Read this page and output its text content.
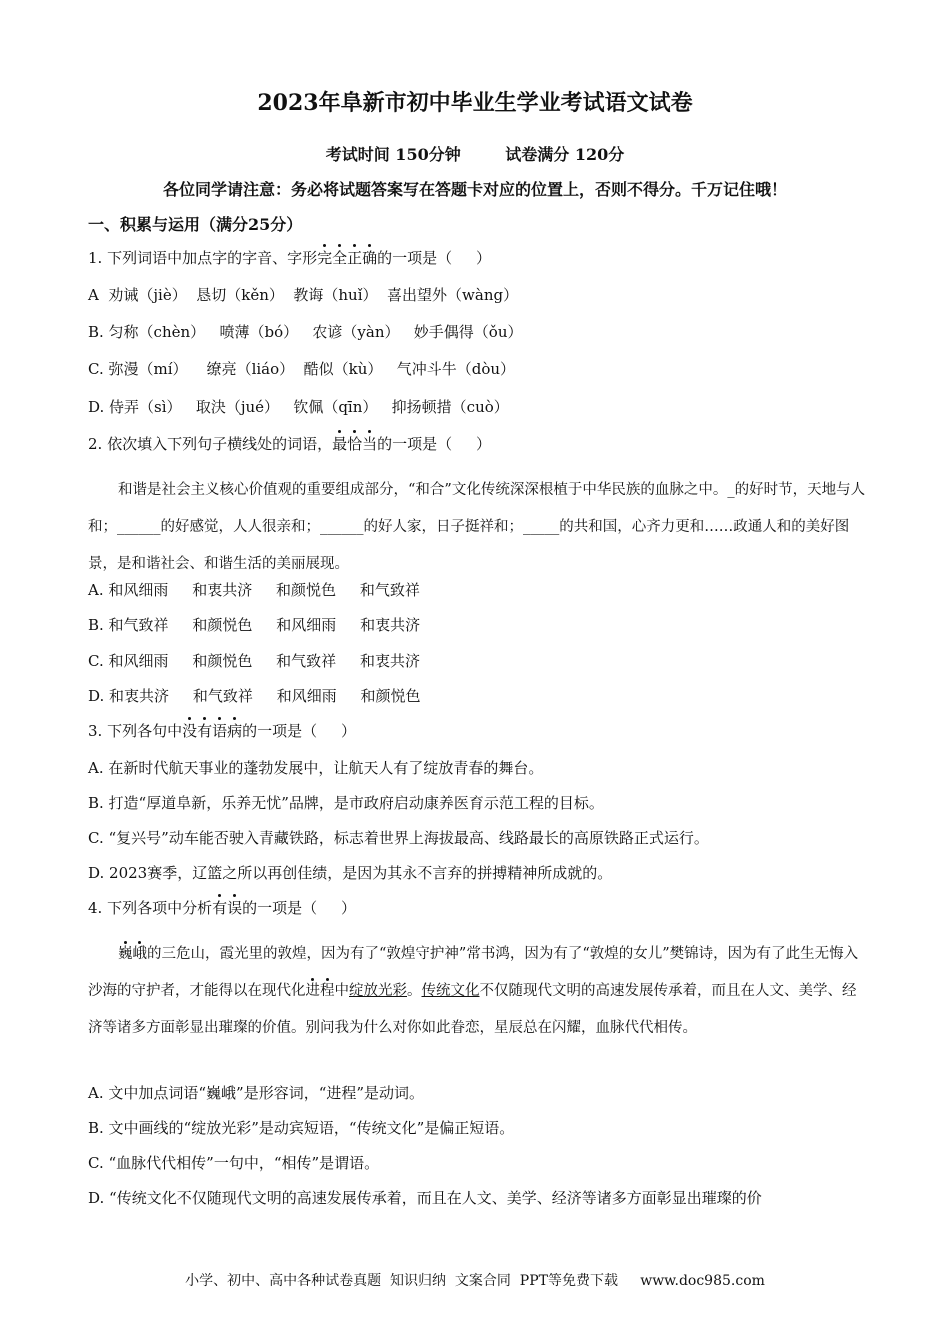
2023年阜新市初中毕业生学业考试语文试卷
考试时间 150分钟        试卷满分 120分
各位同学请注意：务必将试题答案写在答题卡对应的位置上，否则不得分。千万记住哦！
一、积累与运用（满分25分）
1. 下列词语中加点字的字音、字形完全正确的一项是（     ）
A  劝诫（jiè）  恳切（kěn）  教诲（huǐ）  喜出望外（wàng）
B. 匀称（chèn）   喷薄（bó）   农谚（yàn）   妙手偶得（ǒu）
C. 弥漫（mí）    缭亮（liáo）  酷似（kù）   气冲斗牛（dòu）
D. 侍弄（sì）   取決（jué）   钦佩（qīn）   抑扬顿措（cuò）
2. 依次填入下列句子横线处的词语，最恰当的一项是（     ）
和谐是社会主义核心价值观的重要组成部分，“和合”文化传统深深根植于中华民族的血脉之中。_的好时节，天地与人和；______的好感觉，人人很亲和；______的好人家，日子挺祥和；_____的共和国，心齐力更和……政通人和的美好图景，是和谐社会、和谐生活的美丽展现。
A. 和风细雨     和衷共济     和颜悦色     和气致祥
B. 和气致祥     和颜悦色     和风细雨     和衷共济
C. 和风细雨     和颜悦色     和气致祥     和衷共济
D. 和衷共济     和气致祥     和风细雨     和颜悦色
3. 下列各句中没有语病的一项是（     ）
A. 在新时代航天事业的蓬勃发展中，让航天人有了绽放青春的舞台。
B. 打造“厚道阜新，乐养无忧”品牌，是市政府启动康养医育示范工程的目标。
C. “复兴号”动车能否驶入青藏铁路，标志着世界上海拔最高、线路最长的高原铁路正式运行。
D. 2023赛季，辽篮之所以再创佳绩，是因为其永不言弃的拼搏精神所成就的。
4. 下列各项中分析有误的一项是（     ）
巍峨的三危山，霞光里的敦煌，因为有了“敦煌守护神”常书鸿，因为有了“敦煌的女儿”樊锦诗，因为有了此生无悔入沙海的守护者，才能得以在现代化进程中绽放光彩。传统文化不仅随现代文明的高速发展传承着，而且在人文、美学、经济等诸多方面彰显出璀璨的价值。别问我为什么对你如此眷恋，星辰总在闪耀，血脉代代相传。
A. 文中加点词语“巍峨”是形容词，“进程”是动词。
B. 文中画线的“绽放光彩”是动宾短语，“传统文化”是偏正短语。
C. “血脉代代相传”一句中，“相传”是谓语。
D. “传统文化不仅随现代文明的高速发展传承着，而且在人文、美学、经济等诸多方面彰显出璀璨的价
小学、初中、高中各种试卷真题  知识归纳  文案合同  PPT等免费下载     www.doc985.com
